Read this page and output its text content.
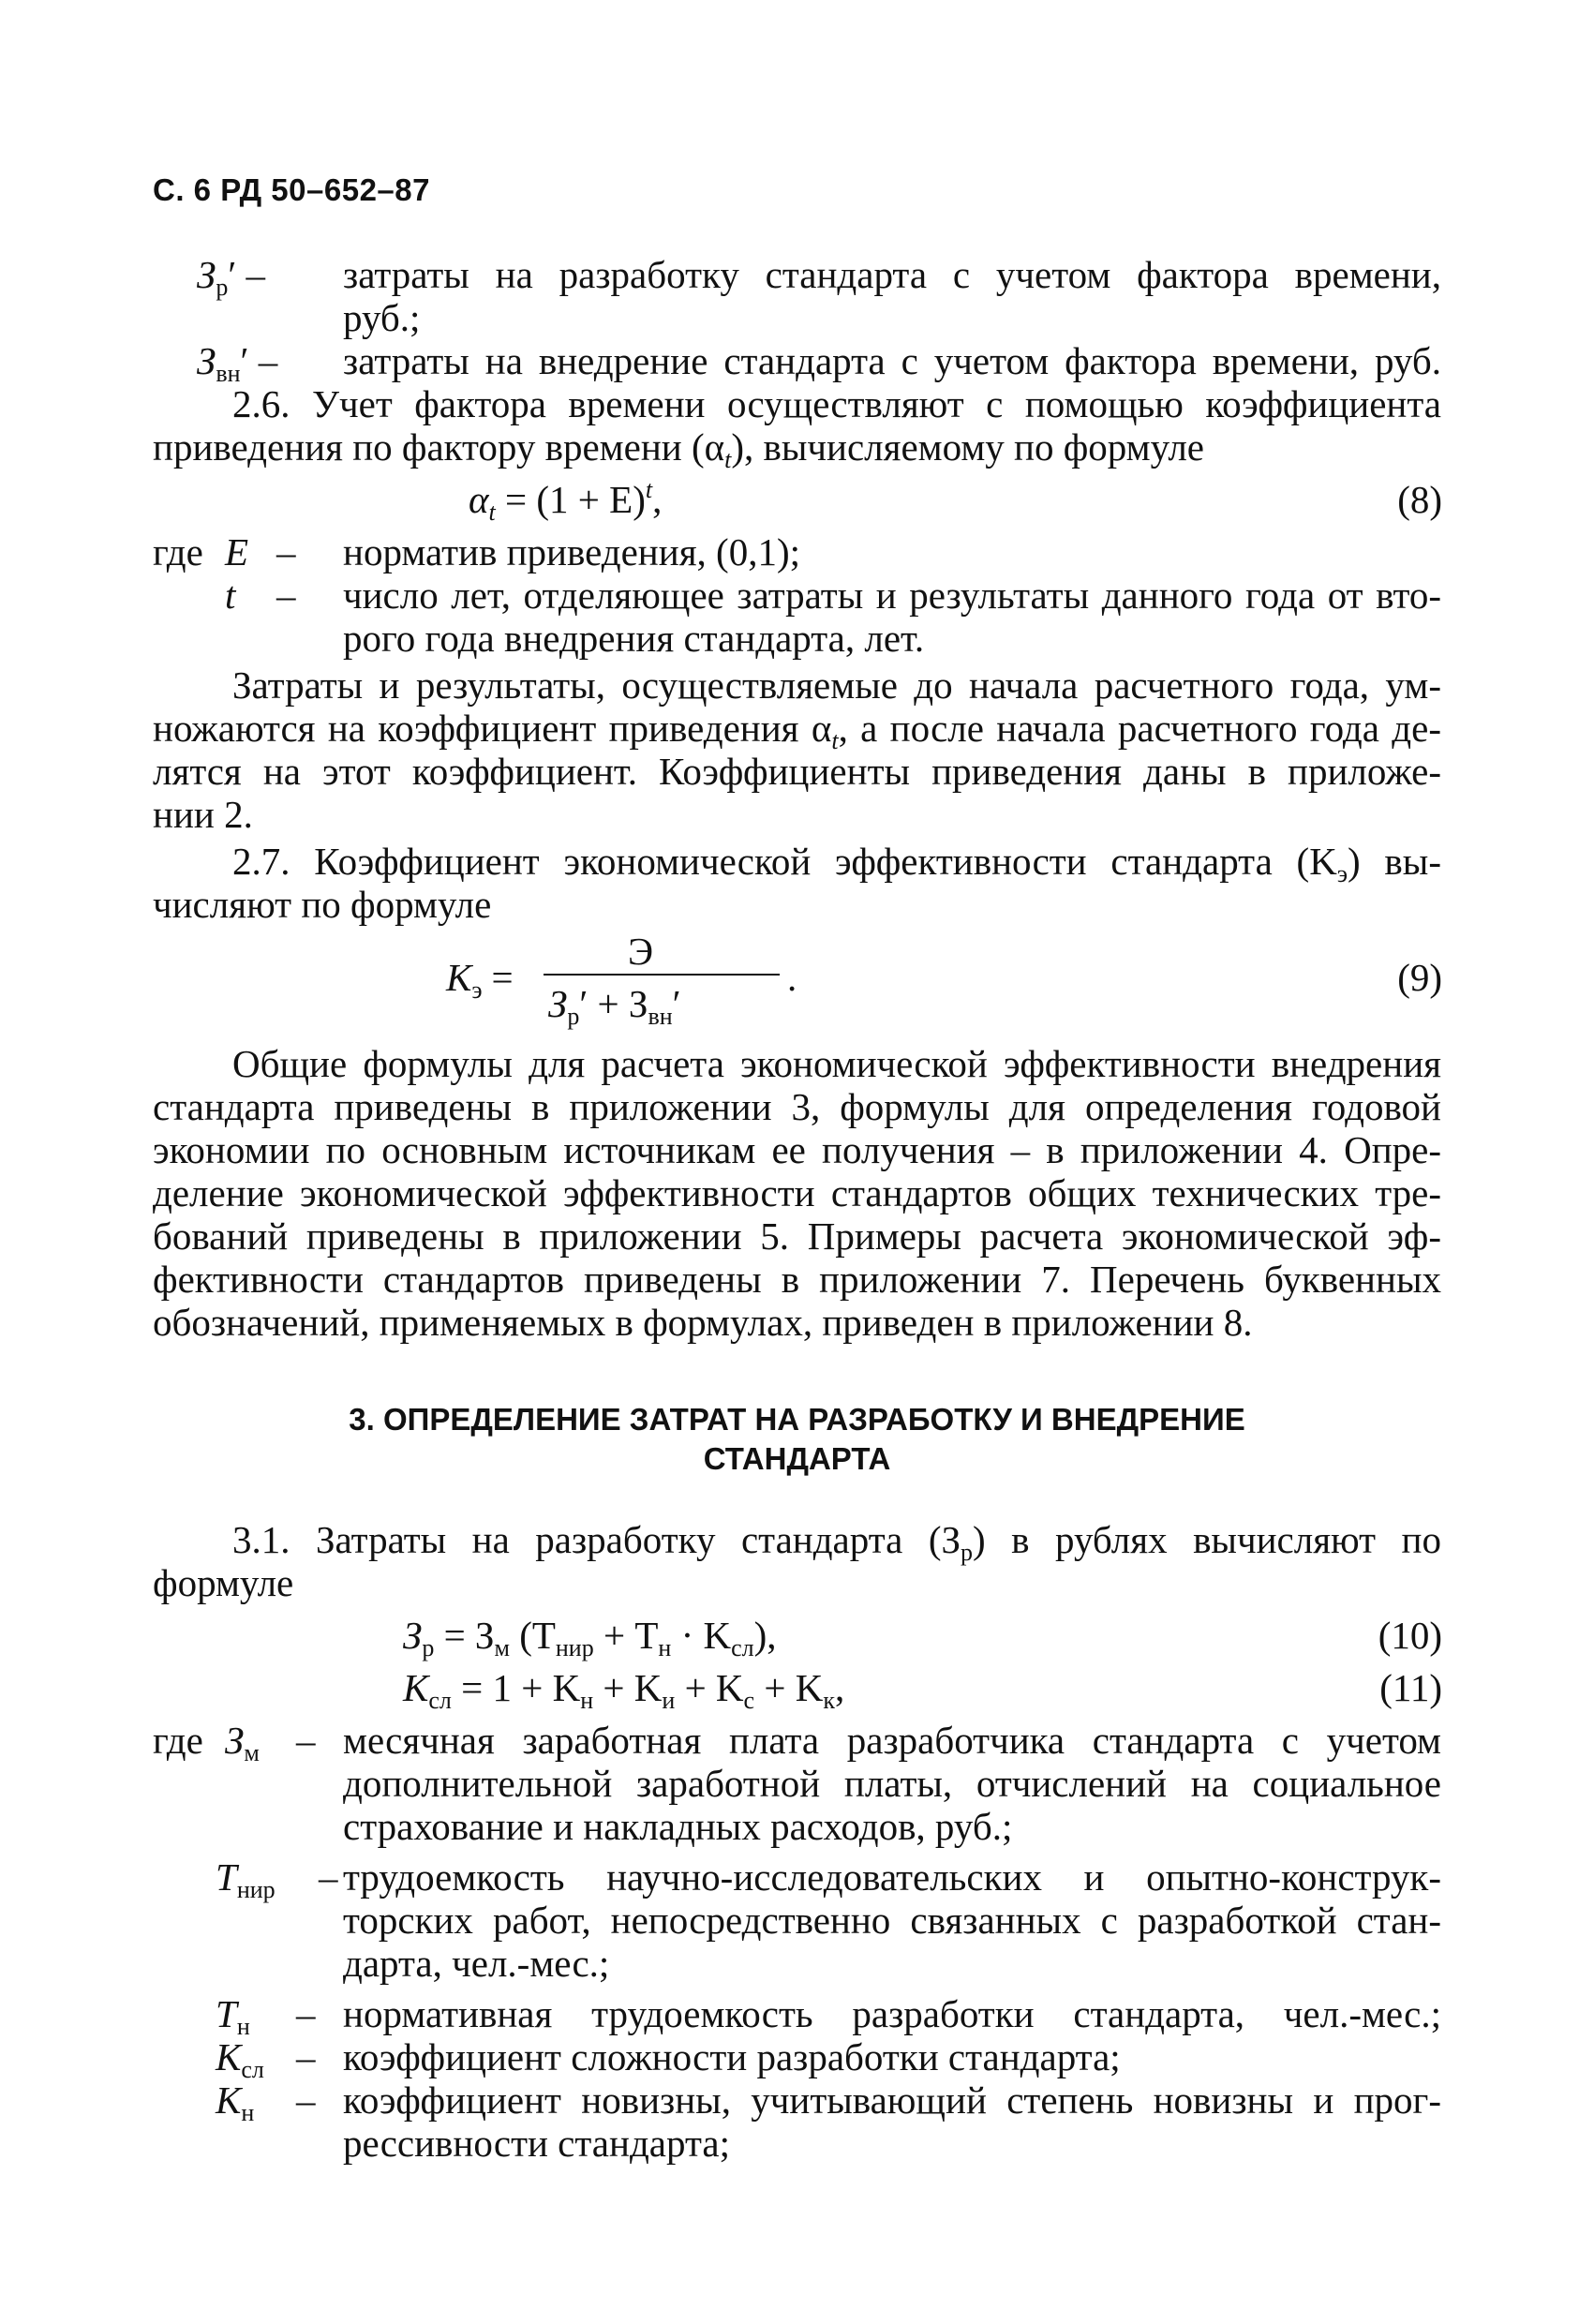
С. 6 РД 50–652–87
$З_р'$ – затраты на разработку стандарта с учетом фактора времени,
руб.;
$З_{вн}'$ – затраты на внедрение стандарта с учетом фактора времени, руб.
2.6. Учет фактора времени осуществляют с помощью коэффициента
приведения по фактору времени $(\alpha_t)$, вычисляемому по формуле
$\alpha_t = (1 + E)^t$,	(8)
где E – норматив приведения, (0,1);
t – число лет, отделяющее затраты и результаты данного года от вто-
рого года внедрения стандарта, лет.
Затраты и результаты, осуществляемые до начала расчетного года, ум-
ножаются на коэффициент приведения $\alpha_t$, а после начала расчетного года де-
лятся на этот коэффициент. Коэффициенты приведения даны в приложе-
нии 2.
2.7. Коэффициент экономической эффективности стандарта $(K_э)$ вы-
числяют по формуле
$K_э$ =
Э
$З_р' + З_{вн}'$
.	(9)
Общие формулы для расчета экономической эффективности внедрения
стандарта приведены в приложении 3, формулы для определения годовой
экономии по основным источникам ее получения – в приложении 4. Опре-
деление экономической эффективности стандартов общих технических тре-
бований приведены в приложении 5. Примеры расчета экономической эф-
фективности стандартов приведены в приложении 7. Перечень буквенных
обозначений, применяемых в формулах, приведен в приложении 8.
3. ОПРЕДЕЛЕНИЕ ЗАТРАТ НА РАЗРАБОТКУ И ВНЕДРЕНИЕ
СТАНДАРТА
3.1. Затраты на разработку стандарта $(З_р)$ в рублях вычисляют по
формуле
$З_р = З_м$ $(T_{нир} + T_н \cdot K_{сл})$,	(10)
$K_{сл} = 1 + K_н + K_и + K_с + K_к$,	(11)
где $З_м$ – месячная заработная плата разработчика стандарта с учетом
дополнительной заработной платы, отчислений на социальное
страхование и накладных расходов, руб.;
$T_{нир}$ – трудоемкость научно-исследовательских и опытно-конструк-
торских работ, непосредственно связанных с разработкой стан-
дарта, чел.-мес.;
$T_н$ – нормативная трудоемкость разработки стандарта, чел.-мес.;
$K_{сл}$ – коэффициент сложности разработки стандарта;
$K_н$ – коэффициент новизны, учитывающий степень новизны и прог-
рессивности стандарта;
